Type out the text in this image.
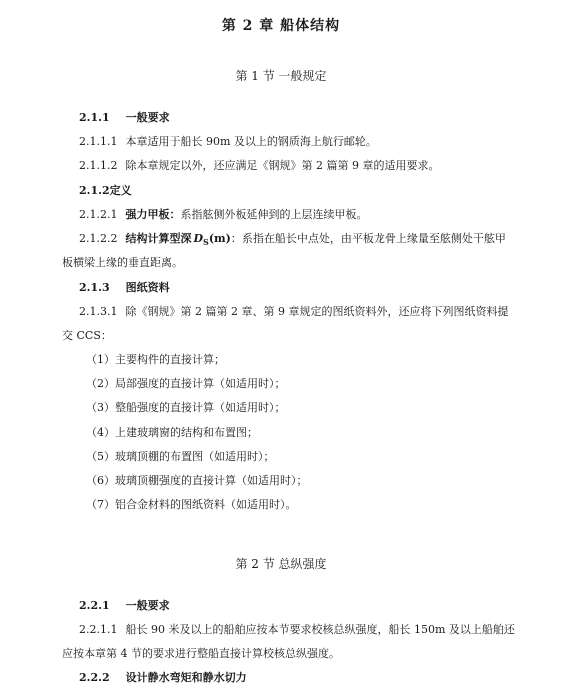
第 2 章 船体结构
第 1 节 一般规定
2.1.1 一般要求
2.1.1.1 本章适用于船长 90m 及以上的钢质海上航行邮轮。
2.1.1.2 除本章规定以外，还应满足《钢规》第 2 篇第 9 章的适用要求。
2.1.2定义
2.1.2.1 强力甲板：系指舷侧外板延伸到的上层连续甲板。
2.1.2.2 结构计算型深 $D_S(m)$：系指在船长中点处，由平板龙骨上缘量至舷侧处干舷甲
板横梁上缘的垂直距离。
2.1.3 图纸资料
2.1.3.1 除《钢规》第 2 篇第 2 章、第 9 章规定的图纸资料外，还应将下列图纸资料提
交 CCS：
（1）主要构件的直接计算；
（2）局部强度的直接计算（如适用时）；
（3）整船强度的直接计算（如适用时）；
（4）上建玻璃窗的结构和布置图；
（5）玻璃顶棚的布置图（如适用时）；
（6）玻璃顶棚强度的直接计算（如适用时）；
（7）铝合金材料的图纸资料（如适用时）。
第 2 节 总纵强度
2.2.1 一般要求
2.2.1.1 船长 90 米及以上的船舶应按本节要求校核总纵强度，船长 150m 及以上船舶还
应按本章第 4 节的要求进行整船直接计算校核总纵强度。
2.2.2 设计静水弯矩和静水切力
